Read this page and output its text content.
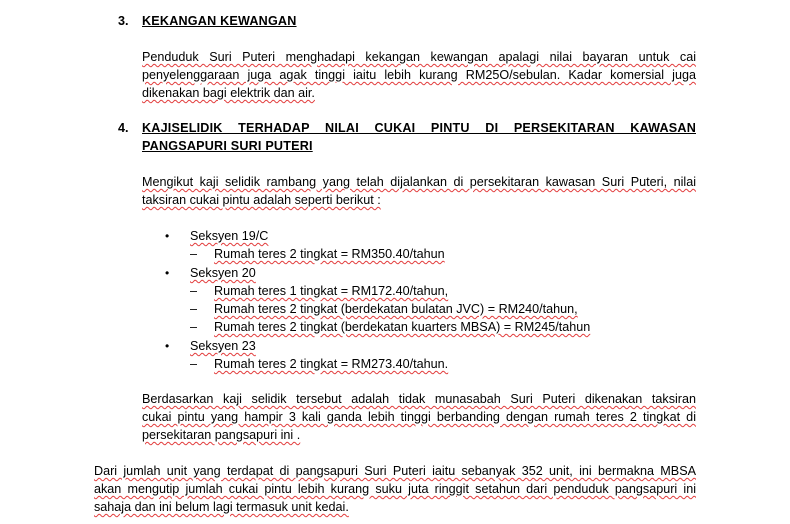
3. KEKANGAN KEWANGAN
Penduduk Suri Puteri menghadapi kekangan kewangan apalagi nilai bayaran untuk cai
penyelenggaraan juga agak tinggi iaitu lebih kurang RM25O/sebulan. Kadar komersial juga
dikenakan bagi elektrik dan air.
4. KAJISELIDIK TERHADAP NILAI CUKAI PINTU DI PERSEKITARAN KAWASAN
PANGSAPURI SURI PUTERI
Mengikut kaji selidik rambang yang telah dijalankan di persekitaran kawasan Suri Puteri, nilai
taksiran cukai pintu adalah seperti berikut :
• Seksyen 19/C
– Rumah teres 2 tingkat = RM350.40/tahun
• Seksyen 20
– Rumah teres 1 tingkat = RM172.40/tahun,
– Rumah teres 2 tingkat (berdekatan bulatan JVC) = RM240/tahun,
– Rumah teres 2 tingkat (berdekatan kuarters MBSA) = RM245/tahun
• Seksyen 23
– Rumah teres 2 tingkat = RM273.40/tahun.
Berdasarkan kaji selidik tersebut adalah tidak munasabah Suri Puteri dikenakan taksiran
cukai pintu yang hampir 3 kali ganda lebih tinggi berbanding dengan rumah teres 2 tingkat di
persekitaran pangsapuri ini .
Dari jumlah unit yang terdapat di pangsapuri Suri Puteri iaitu sebanyak 352 unit, ini bermakna MBSA
akan mengutip jumlah cukai pintu lebih kurang suku juta ringgit setahun dari penduduk pangsapuri ini
sahaja dan ini belum lagi termasuk unit kedai.
